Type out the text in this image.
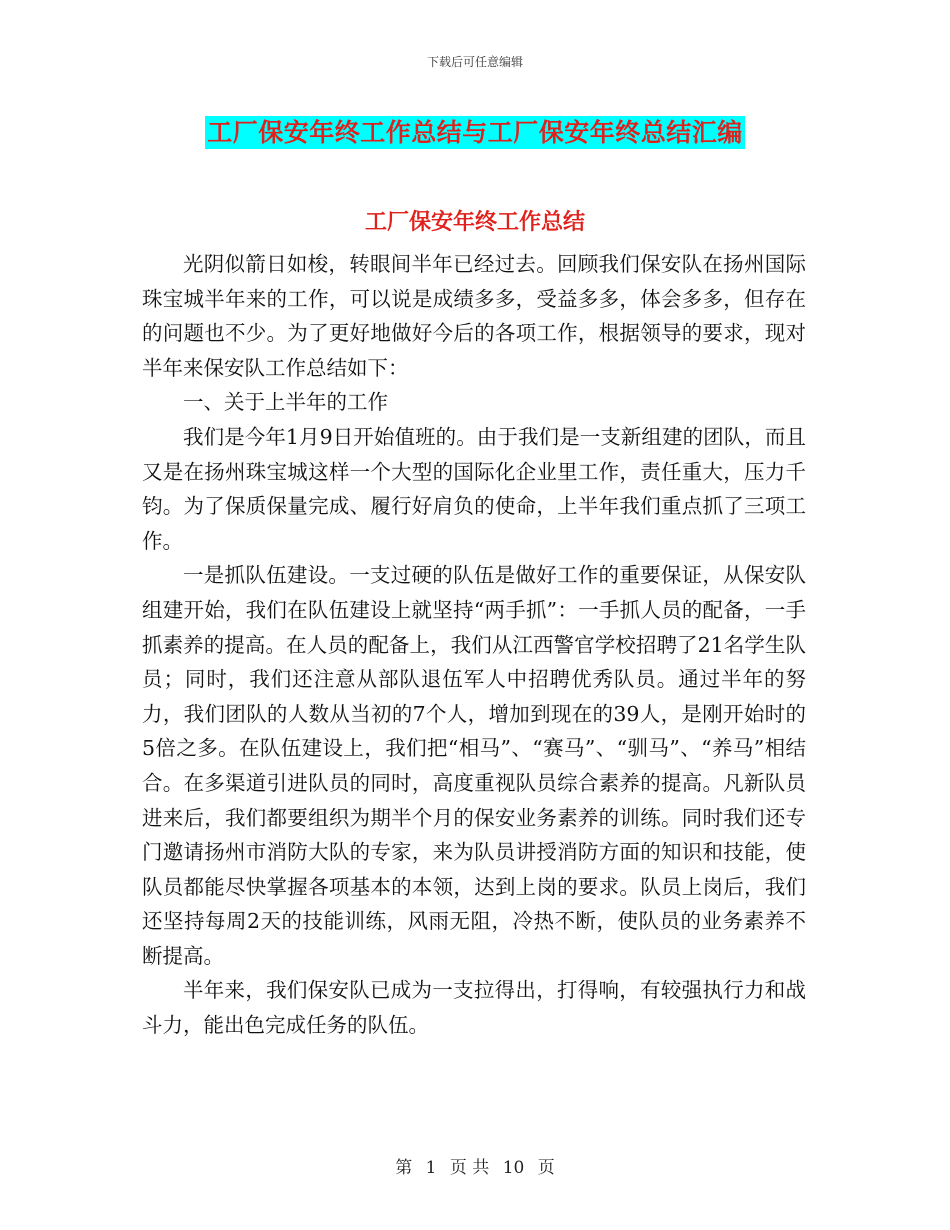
下载后可任意编辑
工厂保安年终工作总结与工厂保安年终总结汇编
工厂保安年终工作总结

光阴似箭日如梭，转眼间半年已经过去。回顾我们保安队在扬州国际珠宝城半年来的工作，可以说是成绩多多，受益多多，体会多多，但存在的问题也不少。为了更好地做好今后的各项工作，根据领导的要求，现对半年来保安队工作总结如下：

一、关于上半年的工作

我们是今年1月9日开始值班的。由于我们是一支新组建的团队，而且又是在扬州珠宝城这样一个大型的国际化企业里工作，责任重大，压力千钧。为了保质保量完成、履行好肩负的使命，上半年我们重点抓了三项工作。

一是抓队伍建设。一支过硬的队伍是做好工作的重要保证，从保安队组建开始，我们在队伍建设上就坚持“两手抓”：一手抓人员的配备，一手抓素养的提高。在人员的配备上，我们从江西警官学校招聘了21名学生队员；同时，我们还注意从部队退伍军人中招聘优秀队员。通过半年的努力，我们团队的人数从当初的7个人，增加到现在的39人，是刚开始时的5倍之多。在队伍建设上，我们把“相马”、“赛马”、“驯马”、“养马”相结合。在多渠道引进队员的同时，高度重视队员综合素养的提高。凡新队员进来后，我们都要组织为期半个月的保安业务素养的训练。同时我们还专门邀请扬州市消防大队的专家，来为队员讲授消防方面的知识和技能，使队员都能尽快掌握各项基本的本领，达到上岗的要求。队员上岗后，我们还坚持每周2天的技能训练，风雨无阻，冷热不断，使队员的业务素养不断提高。

半年来，我们保安队已成为一支拉得出，打得响，有较强执行力和战斗力，能出色完成任务的队伍。

第 1 页 共 10 页
